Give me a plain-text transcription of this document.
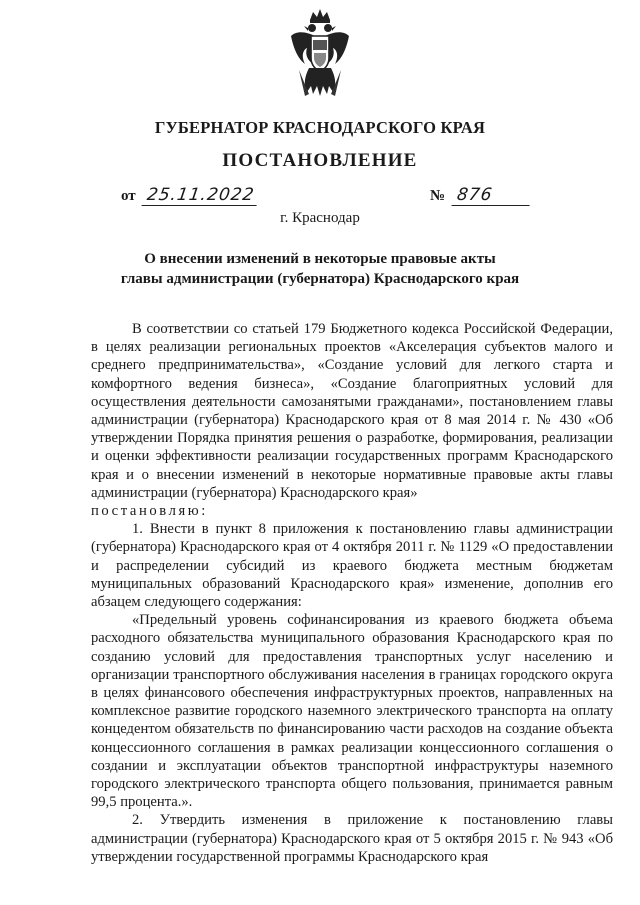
ГУБЕРНАТОР КРАСНОДАРСКОГО КРАЯ
ПОСТАНОВЛЕНИЕ
от 25.11.2022	№ 876
г. Краснодар
О внесении изменений в некоторые правовые акты
главы администрации (губернатора) Краснодарского края

В соответствии со статьей 179 Бюджетного кодекса Российской Федерации, в целях реализации региональных проектов «Акселерация субъектов малого и среднего предпринимательства», «Создание условий для легкого старта и комфортного ведения бизнеса», «Создание благоприятных условий для осуществления деятельности самозанятыми гражданами», постановлением главы администрации (губернатора) Краснодарского края от 8 мая 2014 г. № 430 «Об утверждении Порядка принятия решения о разработке, формирования, реализации и оценки эффективности реализации государственных программ Краснодарского края и о внесении изменений в некоторые нормативные правовые акты главы администрации (губернатора) Краснодарского края»
постановляю:

1. Внести в пункт 8 приложения к постановлению главы администрации (губернатора) Краснодарского края от 4 октября 2011 г. № 1129 «О предоставлении и распределении субсидий из краевого бюджета местным бюджетам муниципальных образований Краснодарского края» изменение, дополнив его абзацем следующего содержания:

«Предельный уровень софинансирования из краевого бюджета объема расходного обязательства муниципального образования Краснодарского края по созданию условий для предоставления транспортных услуг населению и организации транспортного обслуживания населения в границах городского округа в целях финансового обеспечения инфраструктурных проектов, направленных на комплексное развитие городского наземного электрического транспорта на оплату концедентом обязательств по финансированию части расходов на создание объекта концессионного соглашения в рамках реализации концессионного соглашения о создании и эксплуатации объектов транспортной инфраструктуры наземного городского электрического транспорта общего пользования, принимается равным 99,5 процента.».

2. Утвердить изменения в приложение к постановлению главы администрации (губернатора) Краснодарского края от 5 октября 2015 г. № 943 «Об утверждении государственной программы Краснодарского края
